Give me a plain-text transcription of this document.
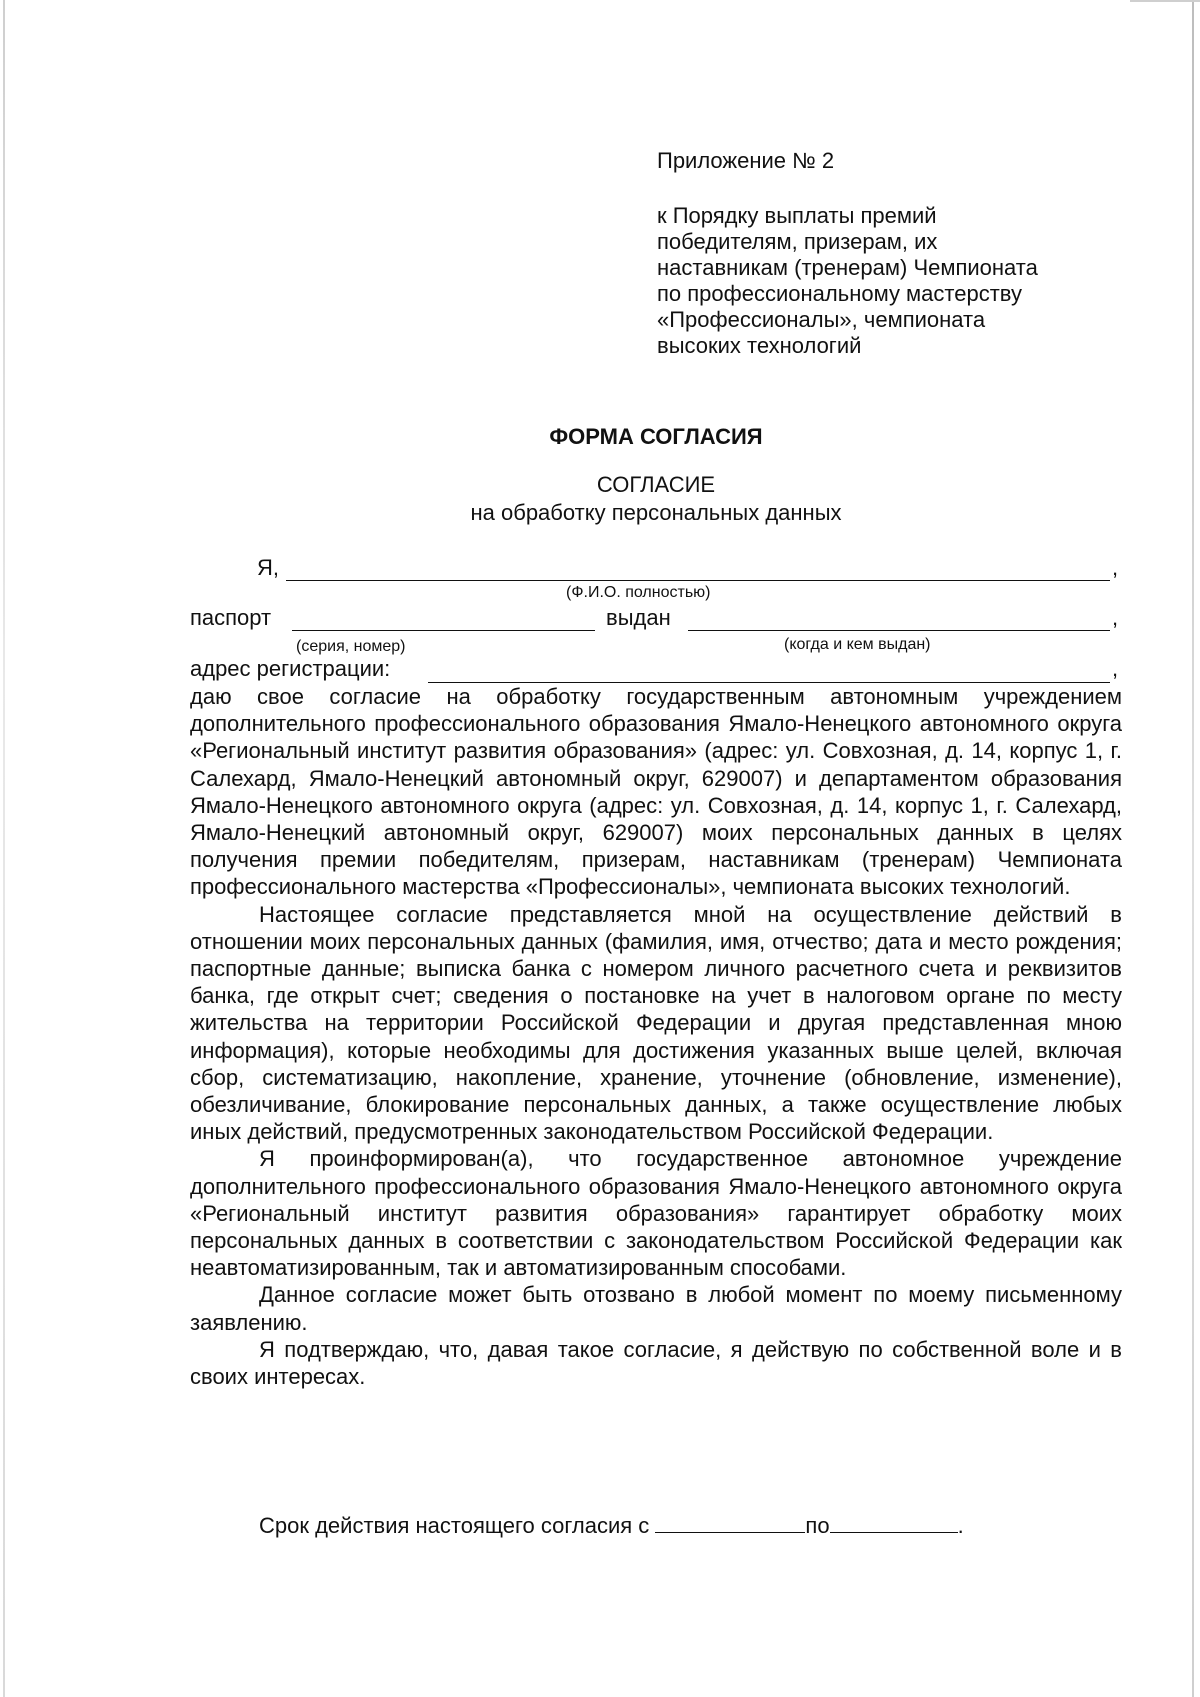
Приложение № 2
к Порядку выплаты премий
победителям, призерам, их
наставникам (тренерам) Чемпионата
по профессиональному мастерству
«Профессионалы», чемпионата
высоких технологий
ФОРМА СОГЛАСИЯ
СОГЛАСИЕ
на обработку персональных данных
Я,	,
(Ф.И.О. полностью)
паспорт	выдан	,
(серия, номер)	(когда и кем выдан)
адрес регистрации:	,

даю свое согласие на обработку государственным автономным учреждением дополнительного профессионального образования Ямало-Ненецкого автономного округа «Региональный институт развития образования» (адрес: ул. Совхозная, д. 14, корпус 1, г. Салехард, Ямало-Ненецкий автономный округ, 629007) и департаментом образования Ямало-Ненецкого автономного округа (адрес: ул. Совхозная, д. 14, корпус 1, г. Салехард, Ямало-Ненецкий автономный округ, 629007) моих персональных данных в целях получения премии победителям, призерам, наставникам (тренерам) Чемпионата профессионального мастерства «Профессионалы», чемпионата высоких технологий.

Настоящее согласие представляется мной на осуществление действий в отношении моих персональных данных (фамилия, имя, отчество; дата и место рождения; паспортные данные; выписка банка с номером личного расчетного счета и реквизитов банка, где открыт счет; сведения о постановке на учет в налоговом органе по месту жительства на территории Российской Федерации и другая представленная мною информация), которые необходимы для достижения указанных выше целей, включая сбор, систематизацию, накопление, хранение, уточнение (обновление, изменение), обезличивание, блокирование персональных данных, а также осуществление любых иных действий, предусмотренных законодательством Российской Федерации.

Я проинформирован(а), что государственное автономное учреждение дополнительного профессионального образования Ямало-Ненецкого автономного округа «Региональный институт развития образования» гарантирует обработку моих персональных данных в соответствии с законодательством Российской Федерации как неавтоматизированным, так и автоматизированным способами.

Данное согласие может быть отозвано в любой момент по моему письменному заявлению.

Я подтверждаю, что, давая такое согласие, я действую по собственной воле и в своих интересах.

Срок действия настоящего согласия с	по	.
